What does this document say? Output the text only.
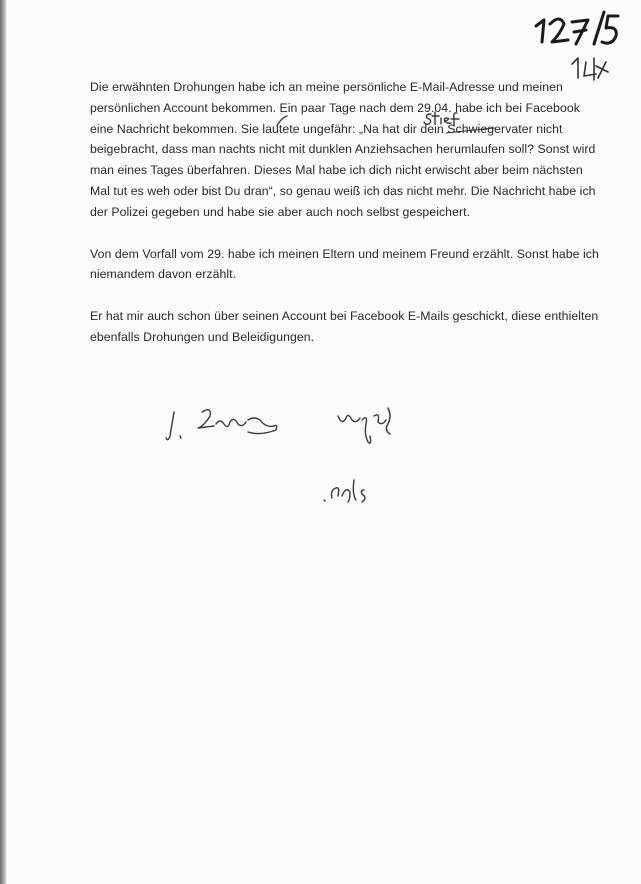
Die erwähnten Drohungen habe ich an meine persönliche E-Mail-Adresse und meinen
persönlichen Account bekommen. Ein paar Tage nach dem 29.04. habe ich bei Facebook
eine Nachricht bekommen. Sie lautete ungefähr: „Na hat dir dein Schwiegervater nicht
beigebracht, dass man nachts nicht mit dunklen Anziehsachen herumlaufen soll? Sonst wird
man eines Tages überfahren. Dieses Mal habe ich dich nicht erwischt aber beim nächsten
Mal tut es weh oder bist Du dran“, so genau weiß ich das nicht mehr. Die Nachricht habe ich
der Polizei gegeben und habe sie aber auch noch selbst gespeichert.

Von dem Vorfall vom 29. habe ich meinen Eltern und meinem Freund erzählt. Sonst habe ich
niemandem davon erzählt.

Er hat mir auch schon über seinen Account bei Facebook E-Mails geschickt, diese enthielten
ebenfalls Drohungen und Beleidigungen.
